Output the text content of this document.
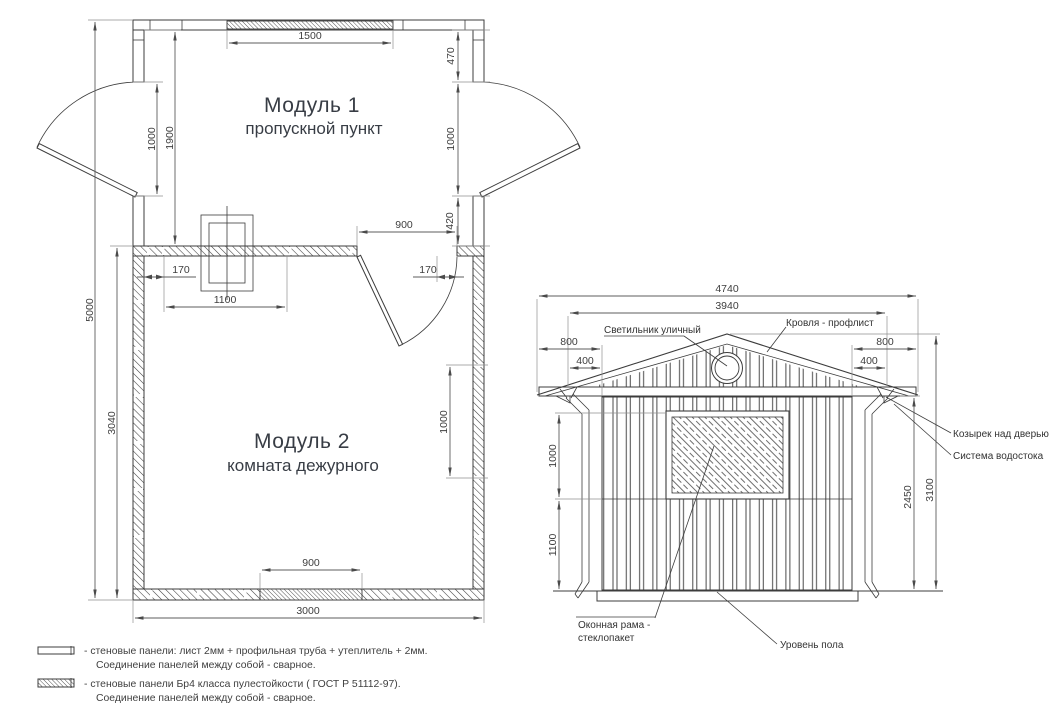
Модуль 1
пропускной пункт
Модуль 2
комната дежурного
5000
3040
1900
1000
470
1000
420
1500
900
170	170
1100
1000
900
3000
4740
3940
800
400
800
400
1000
1100
2450 3100
Светильник уличный
Кровля - профлист
Козырек над дверью
Система водостока
Оконная рама -
стеклопакет
Уровень пола
- стеновые панели: лист 2мм + профильная труба + утеплитель + 2мм.
Соединение панелей между собой - сварное.
- стеновые панели Бр4 класса пулестойкости ( ГОСТ Р 51112-97).
Соединение панелей между собой - сварное.
